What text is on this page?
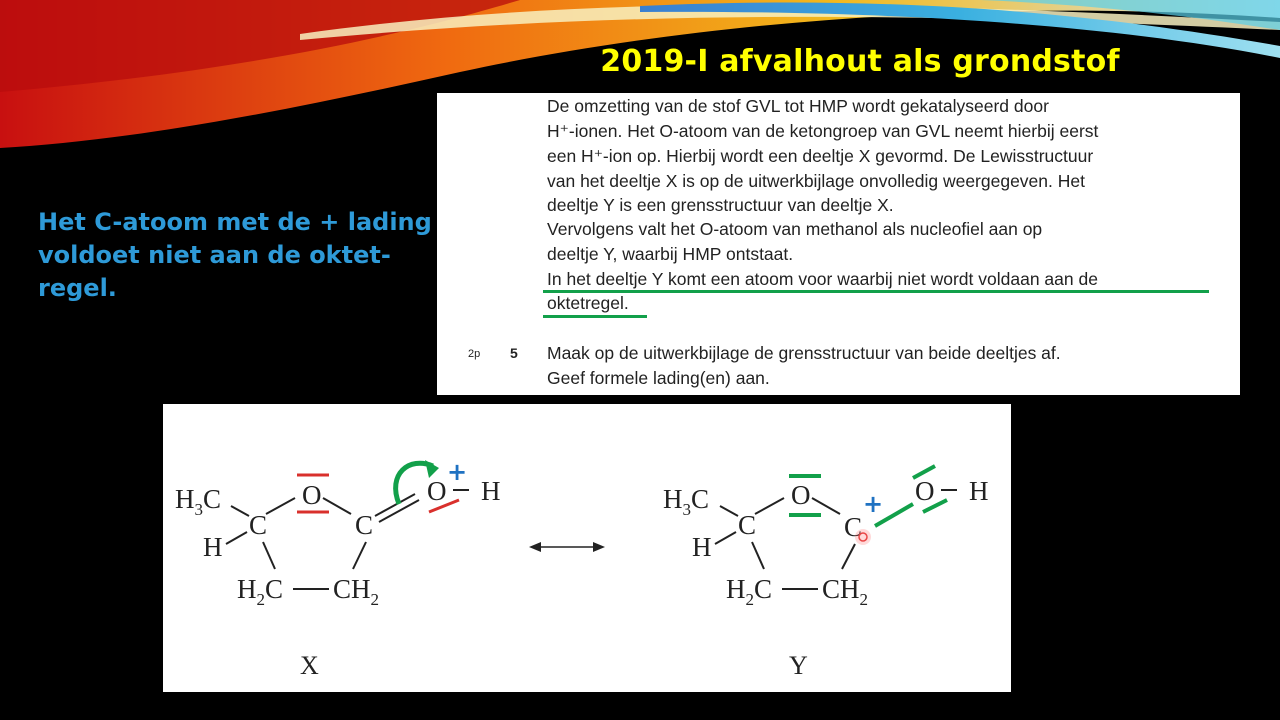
2019-I afvalhout als grondstof
Het C-atoom met de + lading
voldoet niet aan de oktet-
regel.
De omzetting van de stof GVL tot HMP wordt gekatalyseerd door
H⁺-ionen. Het O-atoom van de ketongroep van GVL neemt hierbij eerst
een H⁺-ion op. Hierbij wordt een deeltje X gevormd. De Lewisstructuur
van het deeltje X is op de uitwerkbijlage onvolledig weergegeven. Het
deeltje Y is een grensstructuur van deeltje X.
Vervolgens valt het O-atoom van methanol als nucleofiel aan op
deeltje Y, waarbij HMP ontstaat.
In het deeltje Y komt een atoom voor waarbij niet wordt voldaan aan de
oktetregel.
2p 5 Maak op de uitwerkbijlage de grensstructuur van beide deeltjes af.
Geef formele lading(en) aan.
$H_3C$
H
C
O
C
O H
$H_2C$ $CH_2$
+
X
$H_3C$
H
C
O
C
O H
$H_2C$ $CH_2$
+
Y
